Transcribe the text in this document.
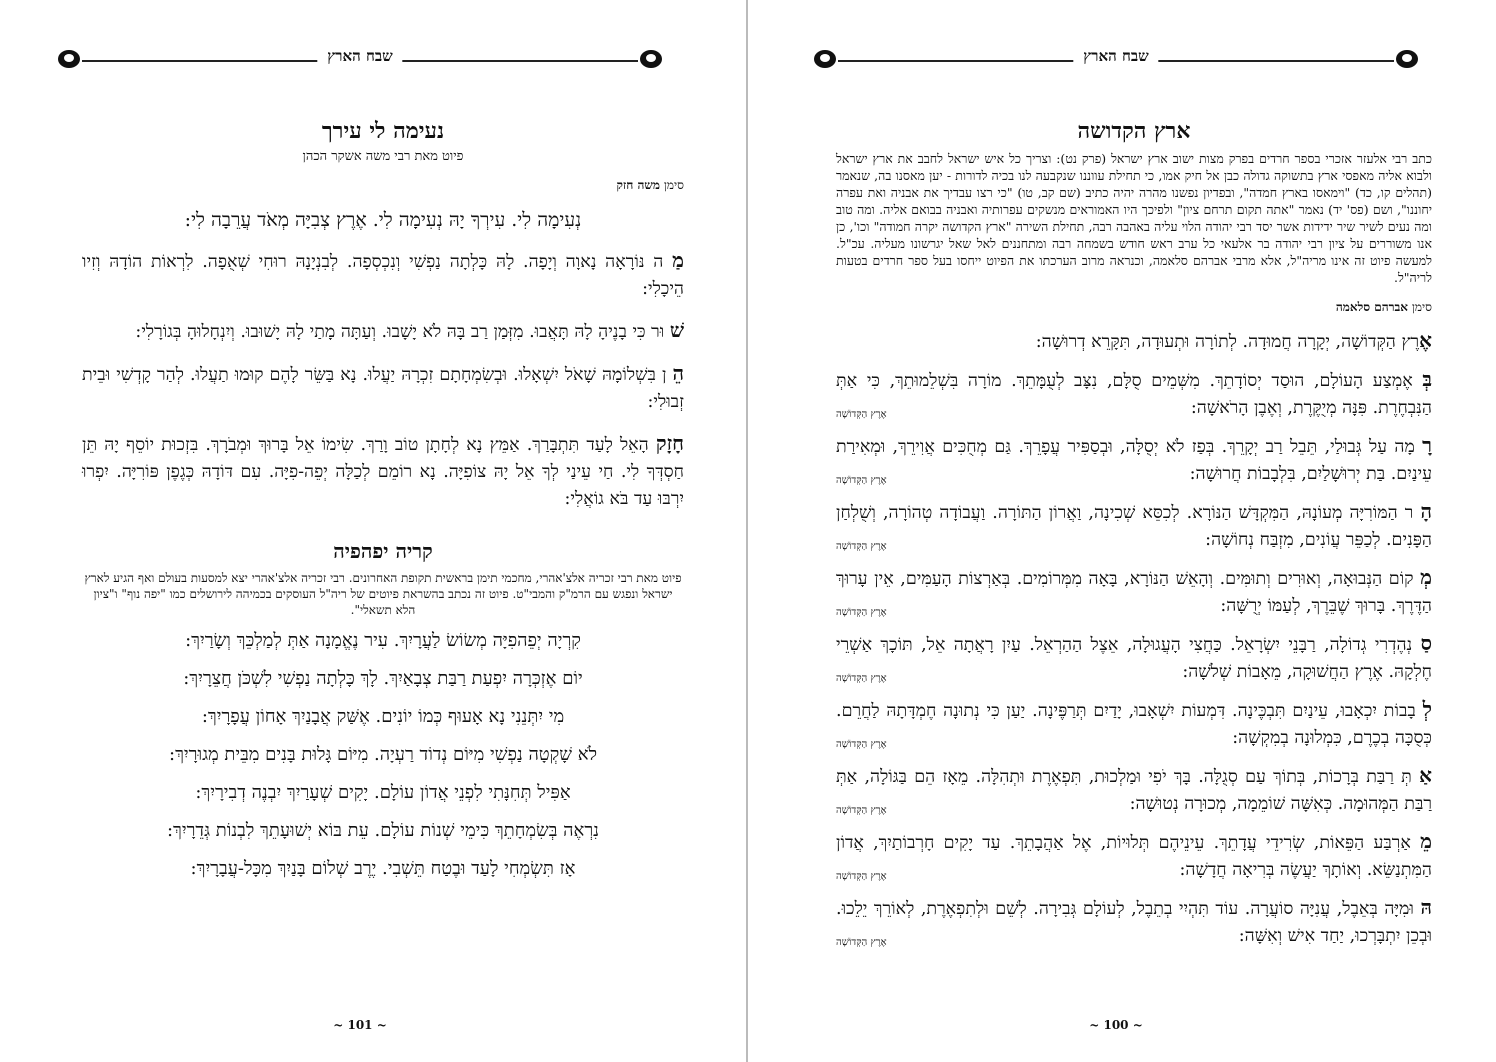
שבח הארץ
נעימה לי עירך

פיוט מאת רבי משה אשקר הכהן

סימן משה חזק

נְעִימָה לִי. עִירְךָ יָהּ נְעִימָה לִי. אֶרֶץ צְבִיָּה מְאֹד עֲרֵבָה לִי:

מַ ה נּוֹרָאָה נָאוָה וְיָפָה. לָהּ כָּלְתָה נַפְשִׁי וְנִכְסְפָה. לְבִנְיָנָהּ רוּחִי שְׁאֻפָה. לִרְאוֹת הוֹדָהּ וְזִיו הֵיכָלִי:

שׁ וּר כִּי בָנֶיהָ לָהּ תָּאֲבוּ. מִזְּמַן רַב בָּהּ לֹא יָשָׁבוּ. וְעַתָּה מָתַי לָהּ יָשׁוּבוּ. וְיִנְחָלוּהָ בְּגוֹרָלִי:

הֵ ן בִּשְׁלוֹמָהּ שָׁאֹל יִשְׁאָלוּ. וּבְשִׂמְחָתָם זִכְרָהּ יַעֲלוּ. נָא בַּשֵּׂר לָהֶם קוּמוּ תַעֲלוּ. לְהַר קָדְשִׁי וּבֵית זְבוּלִי:

חָזָק הָאֵל לָעַד תִּתְבָּרַךְ. אַמֵּץ נָא לְחָתָן טוֹב וָרַךְ. שִׂימוֹ אֵל בָּרוּךְ וּמְבֹרָךְ. בִּזְכוּת יוֹסֵף יָהּ תֵּן חַסְדְּךָ לִי. חַי עֵינַי לְךָ אֵל יָהּ צוֹפִיָּה. נָא רוֹמֵם לְכַלָּה יְפֵה-פִיָּה. עִם דּוֹדָהּ כְּגֶפֶן פּוֹרִיָּה. יִפְרוּ יִרְבּוּ עַד בֹּא גוֹאֲלִי:

קריה יפהפיה

פיוט מאת רבי זכריה אלצ'אהרי, מחכמי תימן בראשית תקופת האחרונים. רבי זכריה אלצ'אהרי יצא למסעות בעולם ואף הגיע לארץ ישראל ונפגש עם הרמ"ק והמבי"ט. פיוט זה נכתב בהשראת פיוטים של ריה"ל העוסקים בכמיהה לירושלים כמו "יפה נוף" ו"ציון הלא תשאלי".

קִרְיָה יְפֵהפִיָּה מְשׂוֹשׂ לַעֲרָיִךְ. עִיר נֶאֱמָנָה אַתְּ לְמַלְכֵּךְ וְשָׂרַיִךְ:

יוֹם אֶזְכְּרָה יִפְעַת רַבַּת צְבָאַיִךְ. לָךְ כָּלְתָה נַפְשִׁי לִשְׁכֹּן חֲצֵרָיִךְ:

מִי יִתְּנֵנִי נָא אָעוּף כְּמוֹ יוֹנִים. אֶשַּׁק אֲבָנַיִךְ אָחוֹן עֲפָרָיִךְ:

לֹא שָׁקְטָה נַפְשִׁי מִיּוֹם נְדוֹד רַעְיָה. מִיּוֹם גָּלוּת בָּנִים מִבֵּית מְגוּרָיִךְ:

אַפִּיל תְּחִנָּתִי לִפְנֵי אֲדוֹן עוֹלָם. יָקִים שְׁעָרַיִךְ יִבְנֶה דְבִירָיִךְ:

נִרְאֶה בְּשִׂמְחָתֵךְ כִּימֵי שְׁנוֹת עוֹלָם. עֵת בּוֹא יְשׁוּעָתֵךְ לִבְנוֹת גְּדֵרָיִךְ:

אָז תִּשְׂמְחִי לָעַד וּבֶטַח תֵּשְׁבִי. יֶרֶב שְׁלוֹם בָּנַיִךְ מִכָּל-עֲבָרָיִךְ:

~ 101 ~
שבח הארץ
ארץ הקדושה

כתב רבי אלעזר אזכרי בספר חרדים בפרק מצות ישוב ארץ ישראל (פרק נט): וצריך כל איש ישראל לחבב את ארץ ישראל ולבוא אליה מאפסי ארץ בתשוקה גדולה כבן אל חיק אמו, כי תחילת עווננו שנקבעה לנו בכיה לדורות - יען מאסנו בה, שנאמר (תהלים קו, כד) "וימאסו בארץ חמדה", ובפדיון נפשנו מהרה יהיה כתיב (שם קב, טו) "כי רצו עבדיך את אבניה ואת עפרה יחוננו", ושם (פס' יד) נאמר "אתה תקום תרחם ציון" ולפיכך היו האמוראים מנשקים עפרותיה ואבניה בבואם אליה. ומה טוב ומה נעים לשיר שיר ידידות אשר יסד רבי יהודה הלוי עליה באהבה רבה, תחילת השירה "ארץ הקדושה יקרה חמודה" וכו', כן אנו משוררים על ציון רבי יהודה בר אלעאי כל ערב ראש חודש בשמחה רבה ומתחננים לאל שאל יגרשונו מעליה. עכ"ל. למעשה פיוט זה אינו מריה"ל, אלא מרבי אברהם סלאמה, וכנראה מרוב הערכתו את הפיוט ייחסו בעל ספר חרדים בטעות לריה"ל.

סימן אברהם סלאמה

אֶרֶץ הַקְּדוֹשָׁה, יְקָרָה חֲמוּדָה. לְתוֹרָה וּתְעוּדָה, תִּקָּרֵא דְרוּשָׁה:

בְּ אֶמְצַע הָעוֹלָם, הוּסַד יְסוֹדָתֵךְ. מִשְּׁמֵים סֻלָּם, נִצָּב לְעֻמָּתֵךְ. מוֹרָה בִּשְׁלֵמוּתֵךְ, כִּי אַתְּ הַנִּבְחֶרֶת. פִּנָּה מְיֻקֶּרֶת, וְאֶבֶן הָרֹאשָׁה:

אֶרֶץ הַקְּדוֹשָׁה

רָ מָה עַל גְּבוּלַי, תֵּבֵל רַב יְקָרֵךְ. בְּפַז לֹא יְסֻלָּה, וּבְסַפִּיר עֲפָרֵךְ. גַּם מְחֻכִּים אֲוִירֵךְ, וּמְאִירַת עֵינַיִם. בַּת יְרוּשָׁלַיִם, בִּלְבָבוֹת חֲרוּשָׁה:

אֶרֶץ הַקְּדוֹשָׁה

הָ ר הַמּוֹרִיָּה מְעוֹנָהּ, הַמִּקְדָּשׁ הַנּוֹרָא. לְכִסֵּא שְׁכִינָה, וַאֲרוֹן הַתּוֹרָה. וַעֲבוֹדָה טְהוֹרָה, וְשֻׁלְחַן הַפָּנִים. לְכַפֵּר עֲוֹנִים, מִזְבַּח נְחוֹשָׁה:

אֶרֶץ הַקְּדוֹשָׁה

מְ קוֹם הַנְּבוּאָה, וְאוּרִים וְתוּמִּים. וְהָאֵשׁ הַנּוֹרָא, בָּאָה מִמְּרוֹמִים. בְּאַרְצוֹת הָעַמִּים, אֵין עָרוּךְ הַדֶּרֶךְ. בָּרוּךְ שֶׁבֵּרֶךְ, לְעַמּוֹ יְרֻשָּׁה:

אֶרֶץ הַקְּדוֹשָׁה

סַ נְהֶדְרִי גְדוֹלָה, רַבָּנֵי יִשְׂרָאֵל. כַּחֲצִי הָעֲגוּלָה, אֵצֶל הַהַרְאֵל. עַיִן רָאֲתָה אֵל, תּוֹכָךְ אַשְׁרֵי חֶלְקָהּ. אֶרֶץ הַחֲשׁוּקָה, מֵאָבוֹת שְׁלֹשָׁה:

אֶרֶץ הַקְּדוֹשָׁה

לְ בָבוֹת יִכְאָבוּ, עֵינַיִם תִּבְכֶּינָה. דִּמְעוֹת יִשְׁאָבוּ, יָדַיִם תְּרַפֶּינָה. יַעַן כִּי נְתוּנָה חֶמְדָּתָהּ לַחֲרֵם. כְּסֻכָּה בְכֶרֶם, כִּמְלוּנָה בְמִקְשָׁה:

אֶרֶץ הַקְּדוֹשָׁה

אַ תְּ רַבַּת בְּרָכוֹת, בְּתוֹךְ עַם סְגֻלָּה. בָּךְ יֹפִי וּמַלְכוּת, תִּפְאֶרֶת וּתְהִלָּה. מֵאָז הֵם בַּגּוֹלָה, אַתְּ רַבַּת הַמְּהוּמָה. כְּאִשָּׁה שׁוֹמֵמָה, מְכוּרָה נְטוּשָׁה:

אֶרֶץ הַקְּדוֹשָׁה

מֵ אַרְבַּע הַפֵּאוֹת, שְׂרִידֵי עֲדָתֵךְ. עֵינֵיהֶם תְּלוּיוֹת, אֶל אַהֲבָתֵךְ. עַד יָקִים חָרְבוֹתַיִךְ, אֲדוֹן הַמִּתְנַשֵּׂא. וְאוֹתָךְ יַעֲשֶׂה בְּרִיאָה חֲדָשָׁה:

אֶרֶץ הַקְּדוֹשָׁה

הּ וּמִיָּה בְּאֵבֶל, עֲנִיָּה סוֹעֲרָה. עוֹד תִּהְיִי בְתֵבֶל, לְעוֹלָם גְּבִירָה. לְשֵׁם וּלְתִפְאֶרֶת, לְאוֹרֵךְ יֵלֵכוּ. וּבְכֵן יִתְבָּרְכוּ, יַחַד אִישׁ וְאִשָּׁה:

אֶרֶץ הַקְּדוֹשָׁה
~ 100 ~
